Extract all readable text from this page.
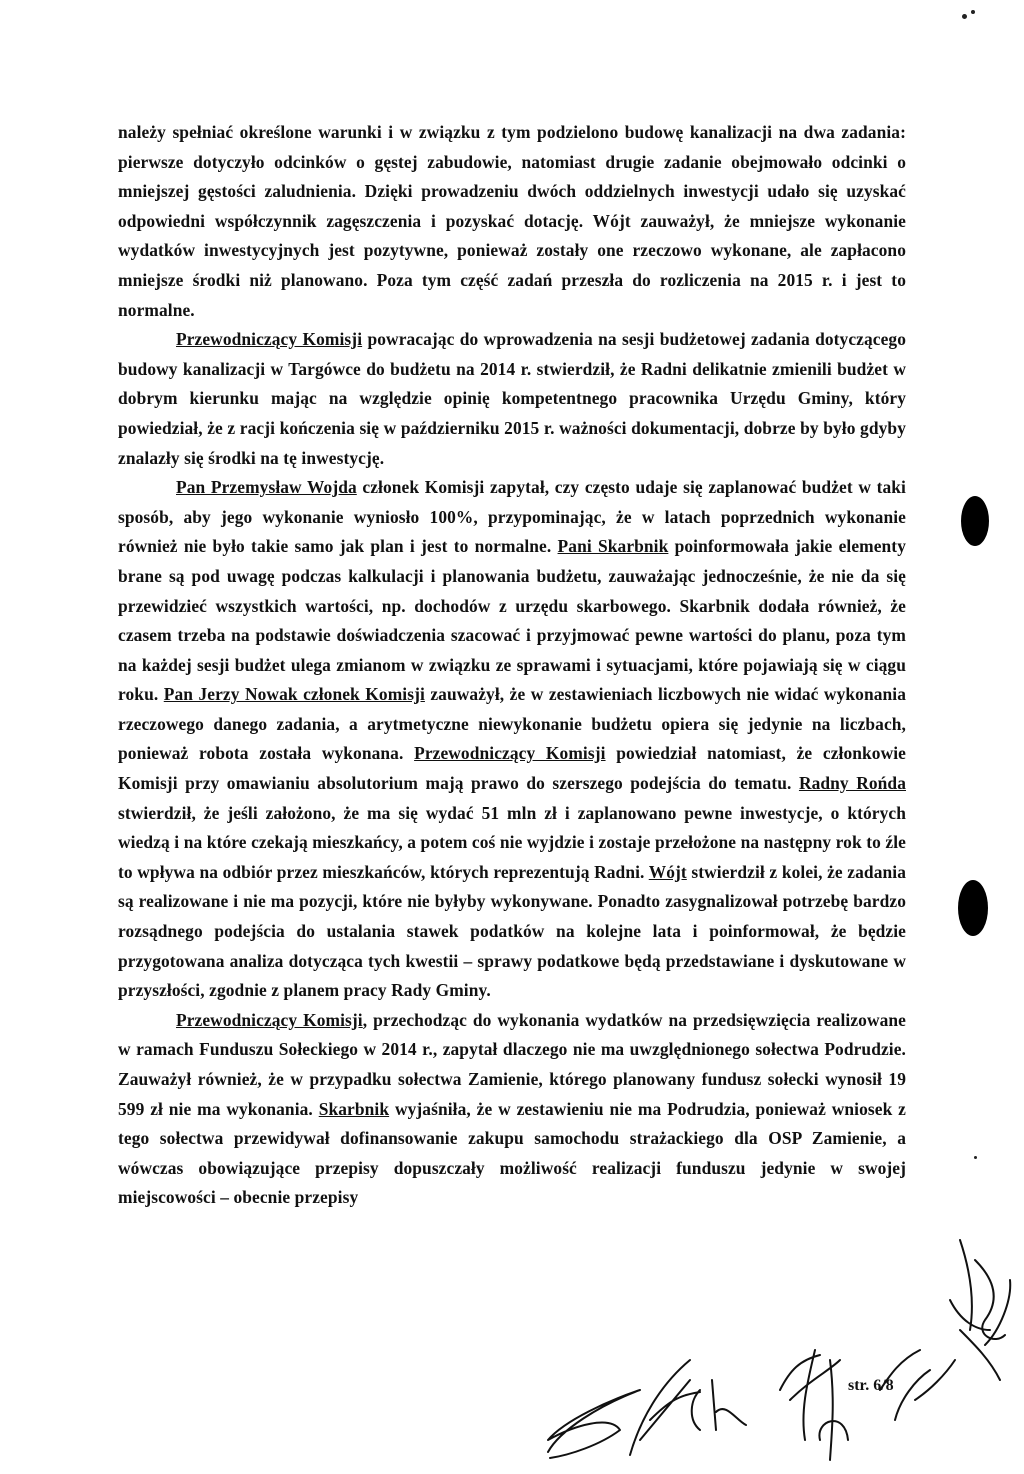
należy spełniać określone warunki i w związku z tym podzielono budowę kanalizacji na dwa zadania: pierwsze dotyczyło odcinków o gęstej zabudowie, natomiast drugie zadanie obejmowało odcinki o mniejszej gęstości zaludnienia. Dzięki prowadzeniu dwóch oddzielnych inwestycji udało się uzyskać odpowiedni współczynnik zagęszczenia i pozyskać dotację. Wójt zauważył, że mniejsze wykonanie wydatków inwestycyjnych jest pozytywne, ponieważ zostały one rzeczowo wykonane, ale zapłacono mniejsze środki niż planowano. Poza tym część zadań przeszła do rozliczenia na 2015 r. i jest to normalne.

Przewodniczący Komisji powracając do wprowadzenia na sesji budżetowej zadania dotyczącego budowy kanalizacji w Targówce do budżetu na 2014 r. stwierdził, że Radni delikatnie zmienili budżet w dobrym kierunku mając na względzie opinię kompetentnego pracownika Urzędu Gminy, który powiedział, że z racji kończenia się w październiku 2015 r. ważności dokumentacji, dobrze by było gdyby znalazły się środki na tę inwestycję.

Pan Przemysław Wojda członek Komisji zapytał, czy często udaje się zaplanować budżet w taki sposób, aby jego wykonanie wyniosło 100%, przypominając, że w latach poprzednich wykonanie również nie było takie samo jak plan i jest to normalne. Pani Skarbnik poinformowała jakie elementy brane są pod uwagę podczas kalkulacji i planowania budżetu, zauważając jednocześnie, że nie da się przewidzieć wszystkich wartości, np. dochodów z urzędu skarbowego. Skarbnik dodała również, że czasem trzeba na podstawie doświadczenia szacować i przyjmować pewne wartości do planu, poza tym na każdej sesji budżet ulega zmianom w związku ze sprawami i sytuacjami, które pojawiają się w ciągu roku. Pan Jerzy Nowak członek Komisji zauważył, że w zestawieniach liczbowych nie widać wykonania rzeczowego danego zadania, a arytmetyczne niewykonanie budżetu opiera się jedynie na liczbach, ponieważ robota została wykonana. Przewodniczący Komisji powiedział natomiast, że członkowie Komisji przy omawianiu absolutorium mają prawo do szerszego podejścia do tematu. Radny Rońda stwierdził, że jeśli założono, że ma się wydać 51 mln zł i zaplanowano pewne inwestycje, o których wiedzą i na które czekają mieszkańcy, a potem coś nie wyjdzie i zostaje przełożone na następny rok to źle to wpływa na odbiór przez mieszkańców, których reprezentują Radni. Wójt stwierdził z kolei, że zadania są realizowane i nie ma pozycji, które nie byłyby wykonywane. Ponadto zasygnalizował potrzebę bardzo rozsądnego podejścia do ustalania stawek podatków na kolejne lata i poinformował, że będzie przygotowana analiza dotycząca tych kwestii – sprawy podatkowe będą przedstawiane i dyskutowane w przyszłości, zgodnie z planem pracy Rady Gminy.

Przewodniczący Komisji, przechodząc do wykonania wydatków na przedsięwzięcia realizowane w ramach Funduszu Sołeckiego w 2014 r., zapytał dlaczego nie ma uwzględnionego sołectwa Podrudzie. Zauważył również, że w przypadku sołectwa Zamienie, którego planowany fundusz sołecki wynosił 19 599 zł nie ma wykonania. Skarbnik wyjaśniła, że w zestawieniu nie ma Podrudzia, ponieważ wniosek z tego sołectwa przewidywał dofinansowanie zakupu samochodu strażackiego dla OSP Zamienie, a wówczas obowiązujące przepisy dopuszczały możliwość realizacji funduszu jedynie w swojej miejscowości – obecnie przepisy

str. 6/8
